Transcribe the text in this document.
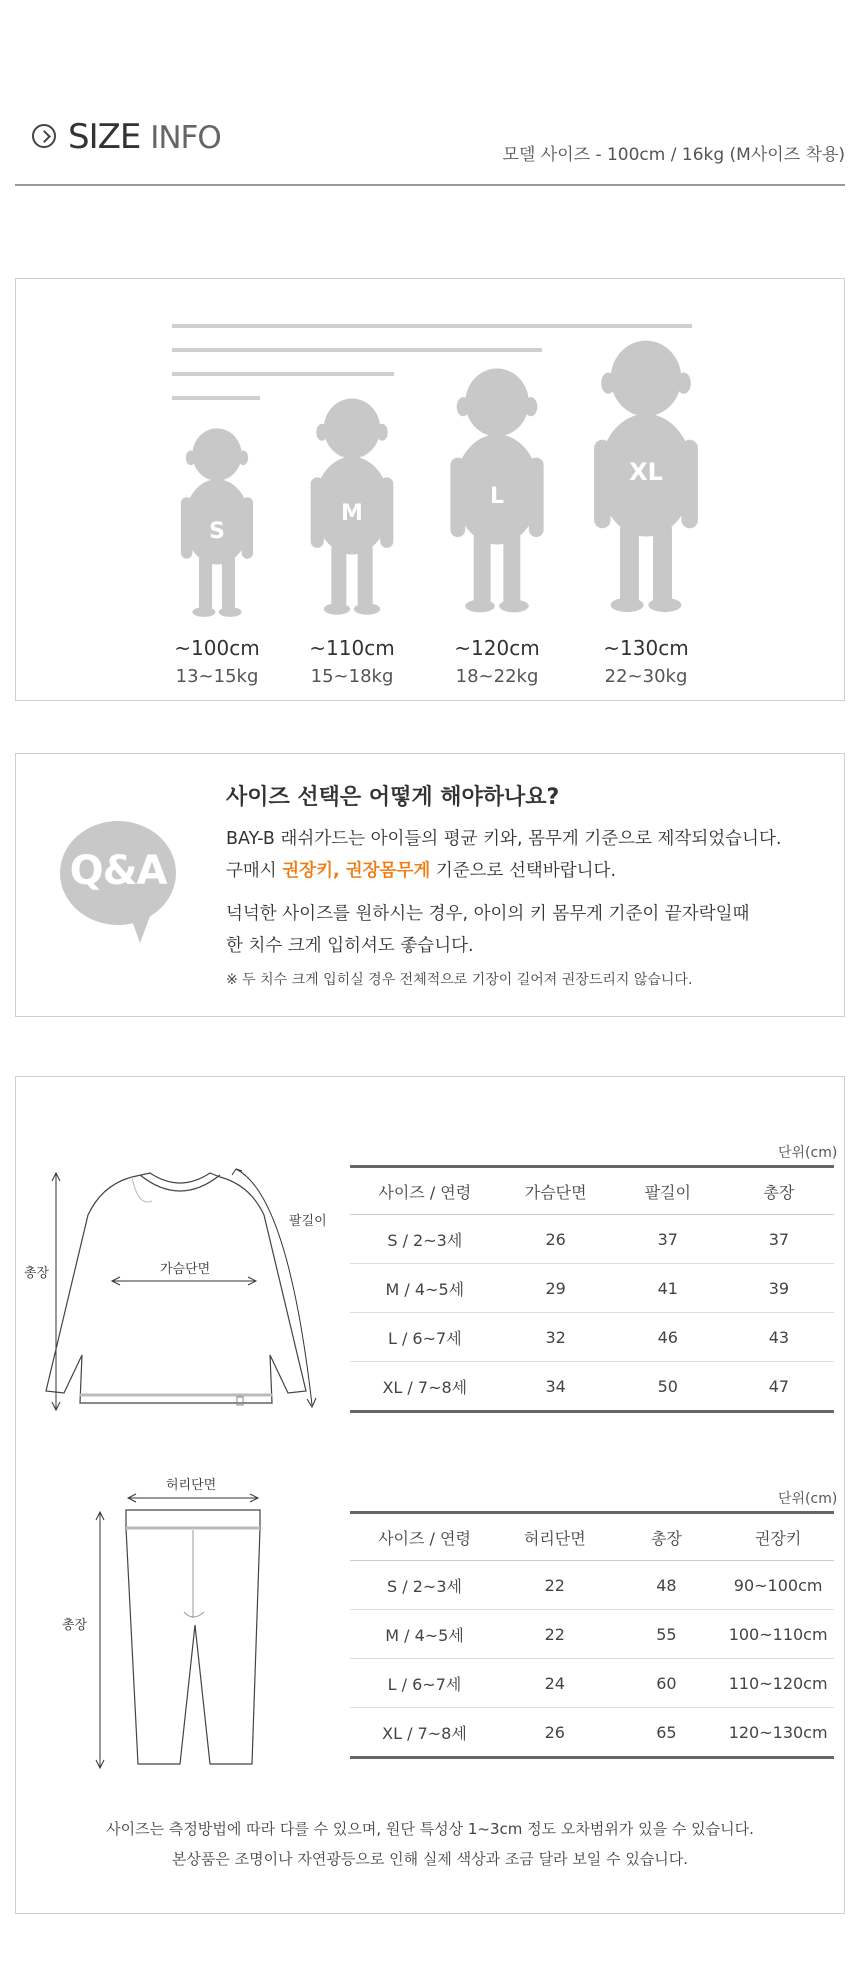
SIZE INFO	모델 사이즈 - 100cm / 16kg (M사이즈 착용)
S
M
L
XL
~100cm
13~15kg
~110cm
15~18kg
~120cm
18~22kg
~130cm
22~30kg
Q&A
사이즈 선택은 어떻게 해야하나요?
BAY-B 래쉬가드는 아이들의 평균 키와, 몸무게 기준으로 제작되었습니다.
구매시 권장키, 권장몸무게 기준으로 선택바랍니다.
넉넉한 사이즈를 원하시는 경우, 아이의 키 몸무게 기준이 끝자락일때
한 치수 크게 입히셔도 좋습니다.
※ 두 치수 크게 입히실 경우 전체적으로 기장이 길어져 권장드리지 않습니다.
총장	가슴단면
팔길이
단위(cm)
사이즈 / 연령	가슴단면	팔길이	총장
S / 2~3세	26	37	37
M / 4~5세	29	41	39
L / 6~7세	32	46	43
XL / 7~8세	34	50	47
허리단면
총장
단위(cm)
사이즈 / 연령	허리단면	총장	권장키
S / 2~3세	22	48	90~100cm
M / 4~5세	22	55	100~110cm
L / 6~7세	24	60	110~120cm
XL / 7~8세	26	65	120~130cm
사이즈는 측정방법에 따라 다를 수 있으며, 원단 특성상 1~3cm 정도 오차범위가 있을 수 있습니다.
본상품은 조명이나 자연광등으로 인해 실제 색상과 조금 달라 보일 수 있습니다.
